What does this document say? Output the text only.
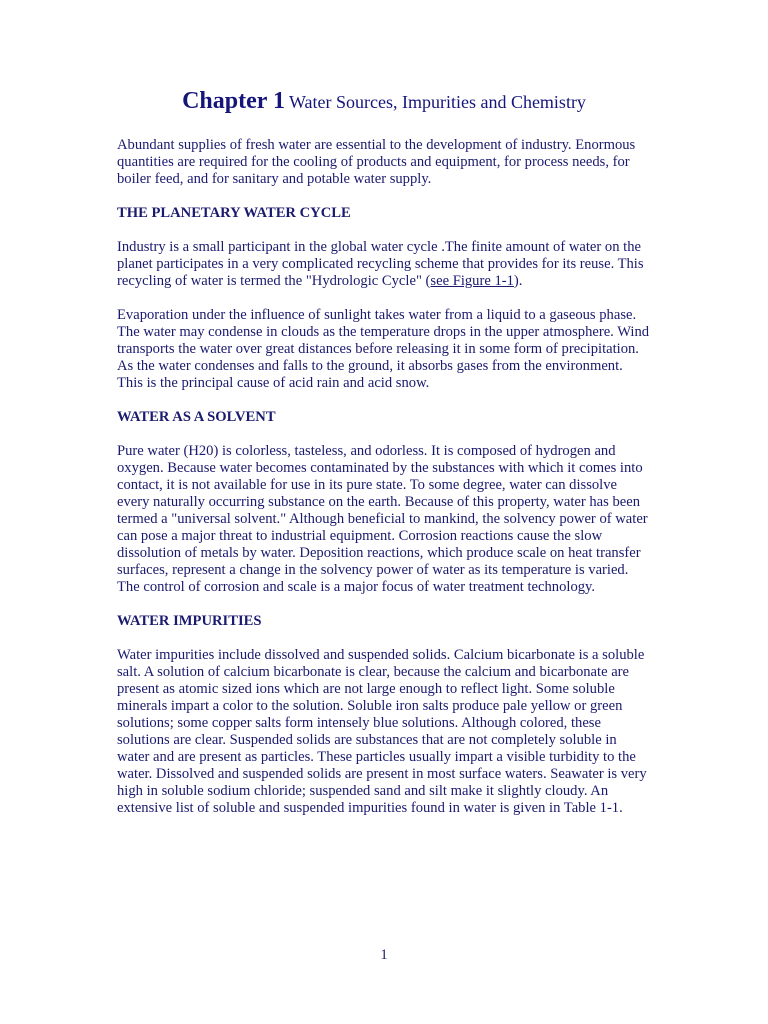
Chapter 1 Water Sources, Impurities and Chemistry

Abundant supplies of fresh water are essential to the development of industry. Enormous quantities are required for the cooling of products and equipment, for process needs, for boiler feed, and for sanitary and potable water supply.

THE PLANETARY WATER CYCLE

Industry is a small participant in the global water cycle .The finite amount of water on the planet participates in a very complicated recycling scheme that provides for its reuse. This recycling of water is termed the "Hydrologic Cycle" (see Figure 1-1).

Evaporation under the influence of sunlight takes water from a liquid to a gaseous phase. The water may condense in clouds as the temperature drops in the upper atmosphere. Wind transports the water over great distances before releasing it in some form of precipitation. As the water condenses and falls to the ground, it absorbs gases from the environment. This is the principal cause of acid rain and acid snow.

WATER AS A SOLVENT

Pure water (H20) is colorless, tasteless, and odorless. It is composed of hydrogen and oxygen. Because water becomes contaminated by the substances with which it comes into contact, it is not available for use in its pure state. To some degree, water can dissolve every naturally occurring substance on the earth. Because of this property, water has been termed a "universal solvent." Although beneficial to mankind, the solvency power of water can pose a major threat to industrial equipment. Corrosion reactions cause the slow dissolution of metals by water. Deposition reactions, which produce scale on heat transfer surfaces, represent a change in the solvency power of water as its temperature is varied. The control of corrosion and scale is a major focus of water treatment technology.

WATER IMPURITIES

Water impurities include dissolved and suspended solids. Calcium bicarbonate is a soluble salt. A solution of calcium bicarbonate is clear, because the calcium and bicarbonate are present as atomic sized ions which are not large enough to reflect light. Some soluble minerals impart a color to the solution. Soluble iron salts produce pale yellow or green solutions; some copper salts form intensely blue solutions. Although colored, these solutions are clear. Suspended solids are substances that are not completely soluble in water and are present as particles. These particles usually impart a visible turbidity to the water. Dissolved and suspended solids are present in most surface waters. Seawater is very high in soluble sodium chloride; suspended sand and silt make it slightly cloudy. An extensive list of soluble and suspended impurities found in water is given in Table 1-1.

1
